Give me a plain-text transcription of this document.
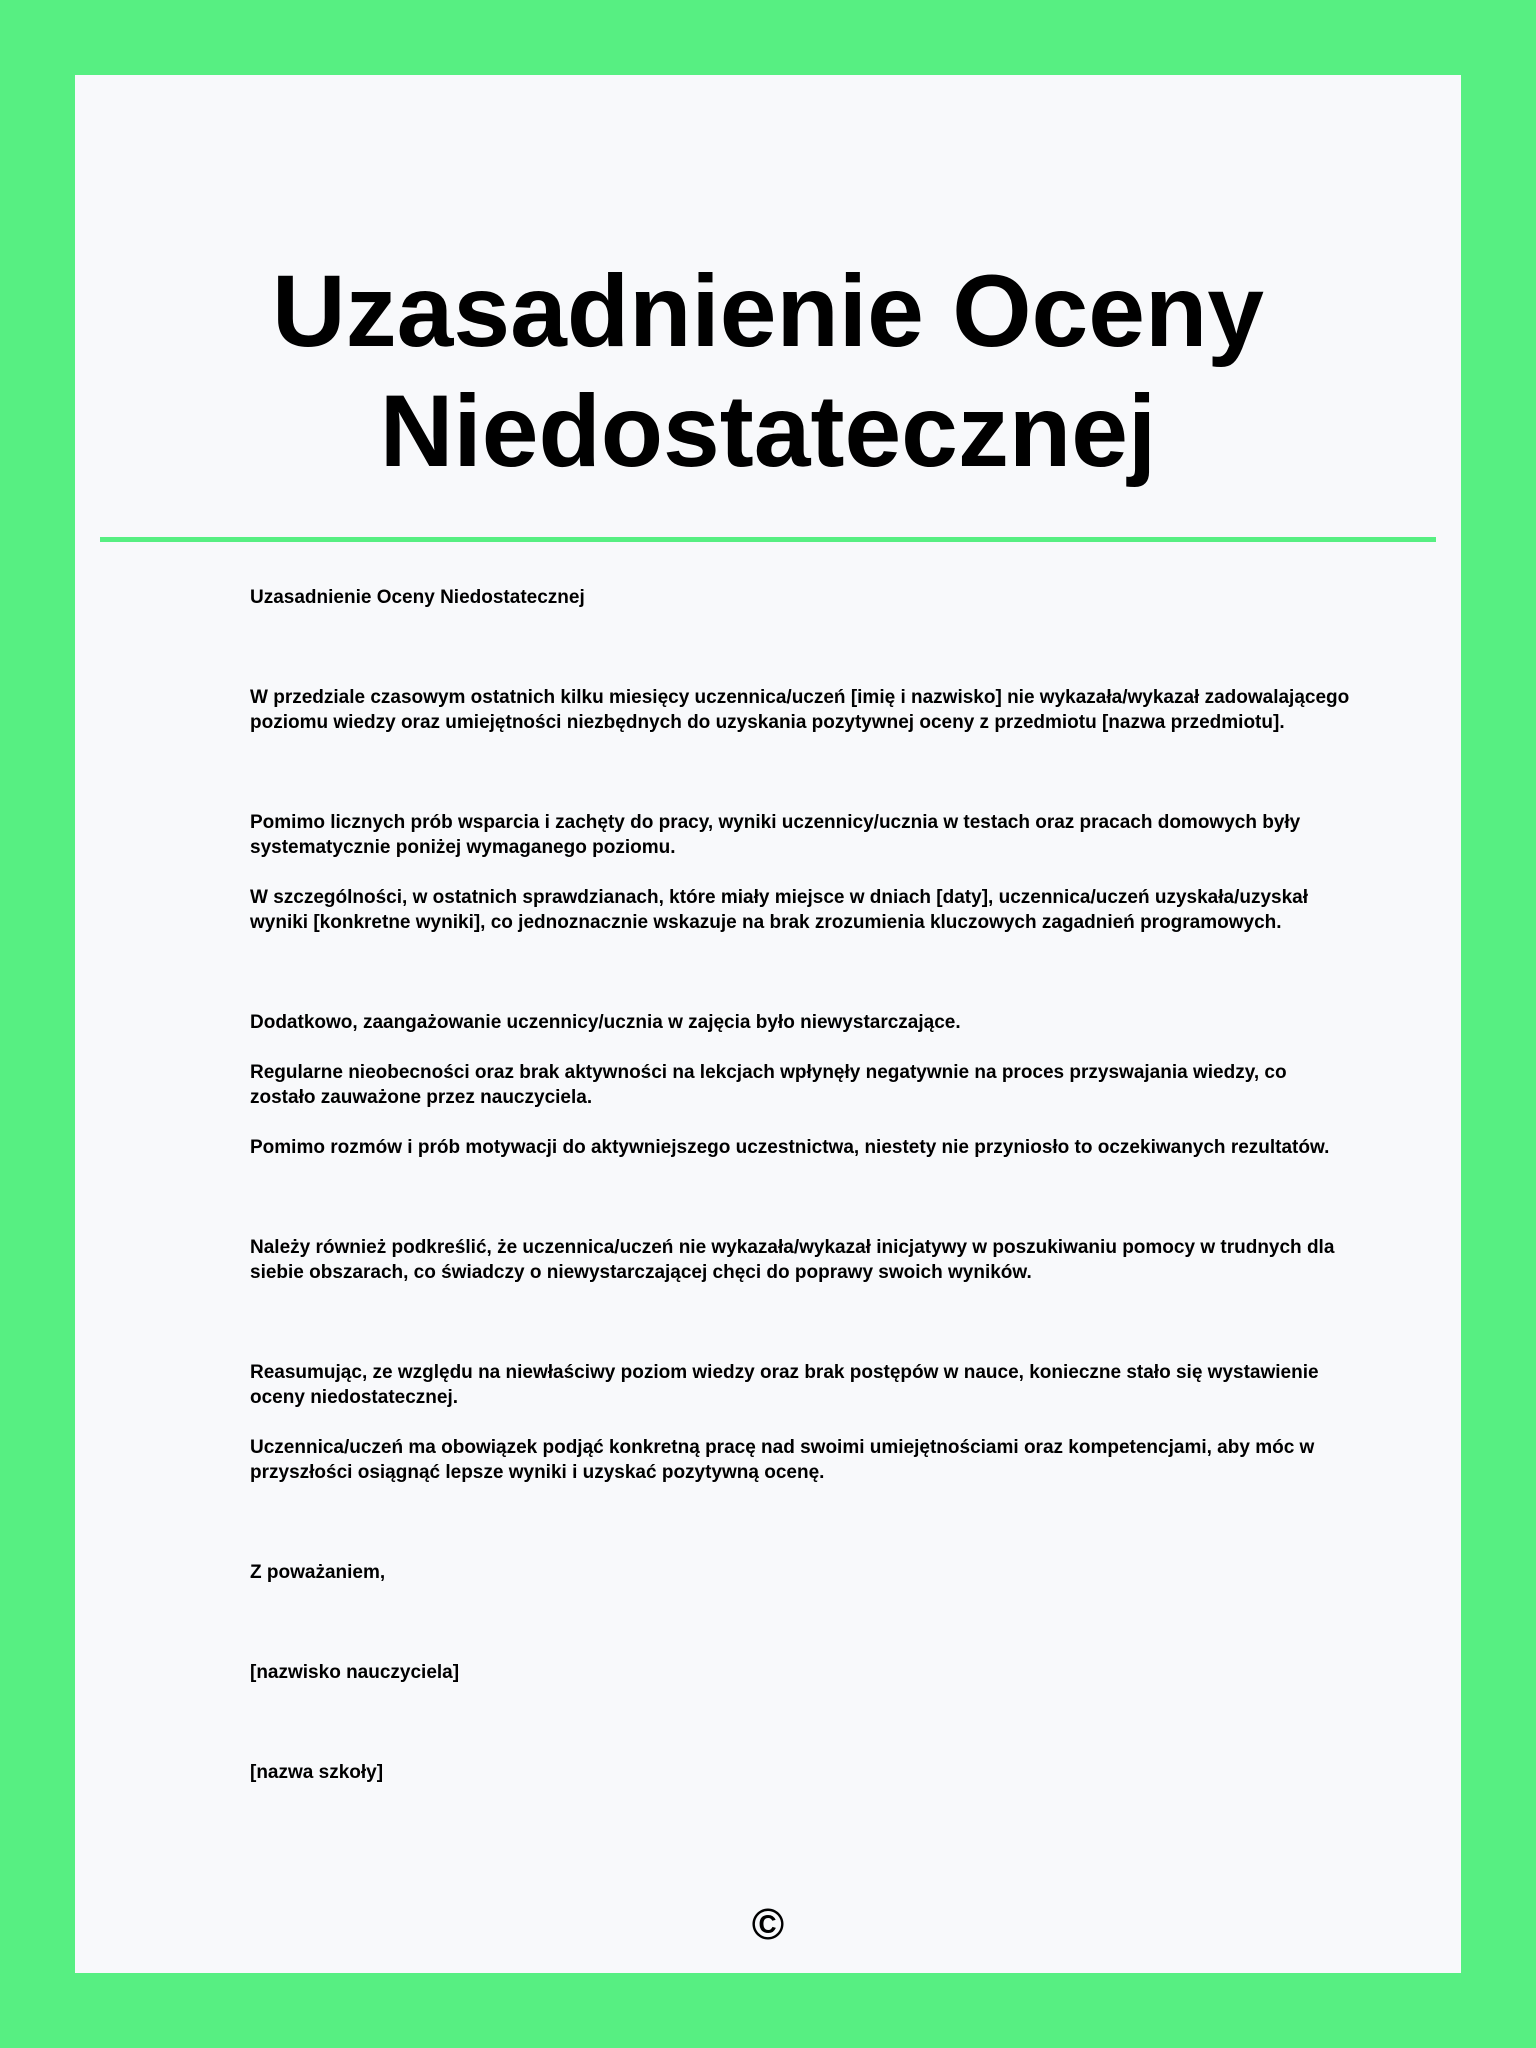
Uzasadnienie Oceny Niedostatecznej

Uzasadnienie Oceny Niedostatecznej

W przedziale czasowym ostatnich kilku miesięcy uczennica/uczeń [imię i nazwisko] nie wykazała/wykazał zadowalającego poziomu wiedzy oraz umiejętności niezbędnych do uzyskania pozytywnej oceny z przedmiotu [nazwa przedmiotu].

Pomimo licznych prób wsparcia i zachęty do pracy, wyniki uczennicy/ucznia w testach oraz pracach domowych były systematycznie poniżej wymaganego poziomu.

W szczególności, w ostatnich sprawdzianach, które miały miejsce w dniach [daty], uczennica/uczeń uzyskała/uzyskał wyniki [konkretne wyniki], co jednoznacznie wskazuje na brak zrozumienia kluczowych zagadnień programowych.

Dodatkowo, zaangażowanie uczennicy/ucznia w zajęcia było niewystarczające.

Regularne nieobecności oraz brak aktywności na lekcjach wpłynęły negatywnie na proces przyswajania wiedzy, co zostało zauważone przez nauczyciela.

Pomimo rozmów i prób motywacji do aktywniejszego uczestnictwa, niestety nie przyniosło to oczekiwanych rezultatów.

Należy również podkreślić, że uczennica/uczeń nie wykazała/wykazał inicjatywy w poszukiwaniu pomocy w trudnych dla siebie obszarach, co świadczy o niewystarczającej chęci do poprawy swoich wyników.

Reasumując, ze względu na niewłaściwy poziom wiedzy oraz brak postępów w nauce, konieczne stało się wystawienie oceny niedostatecznej.

Uczennica/uczeń ma obowiązek podjąć konkretną pracę nad swoimi umiejętnościami oraz kompetencjami, aby móc w przyszłości osiągnąć lepsze wyniki i uzyskać pozytywną ocenę.

Z poważaniem,

[nazwisko nauczyciela]

[nazwa szkoły]

©
